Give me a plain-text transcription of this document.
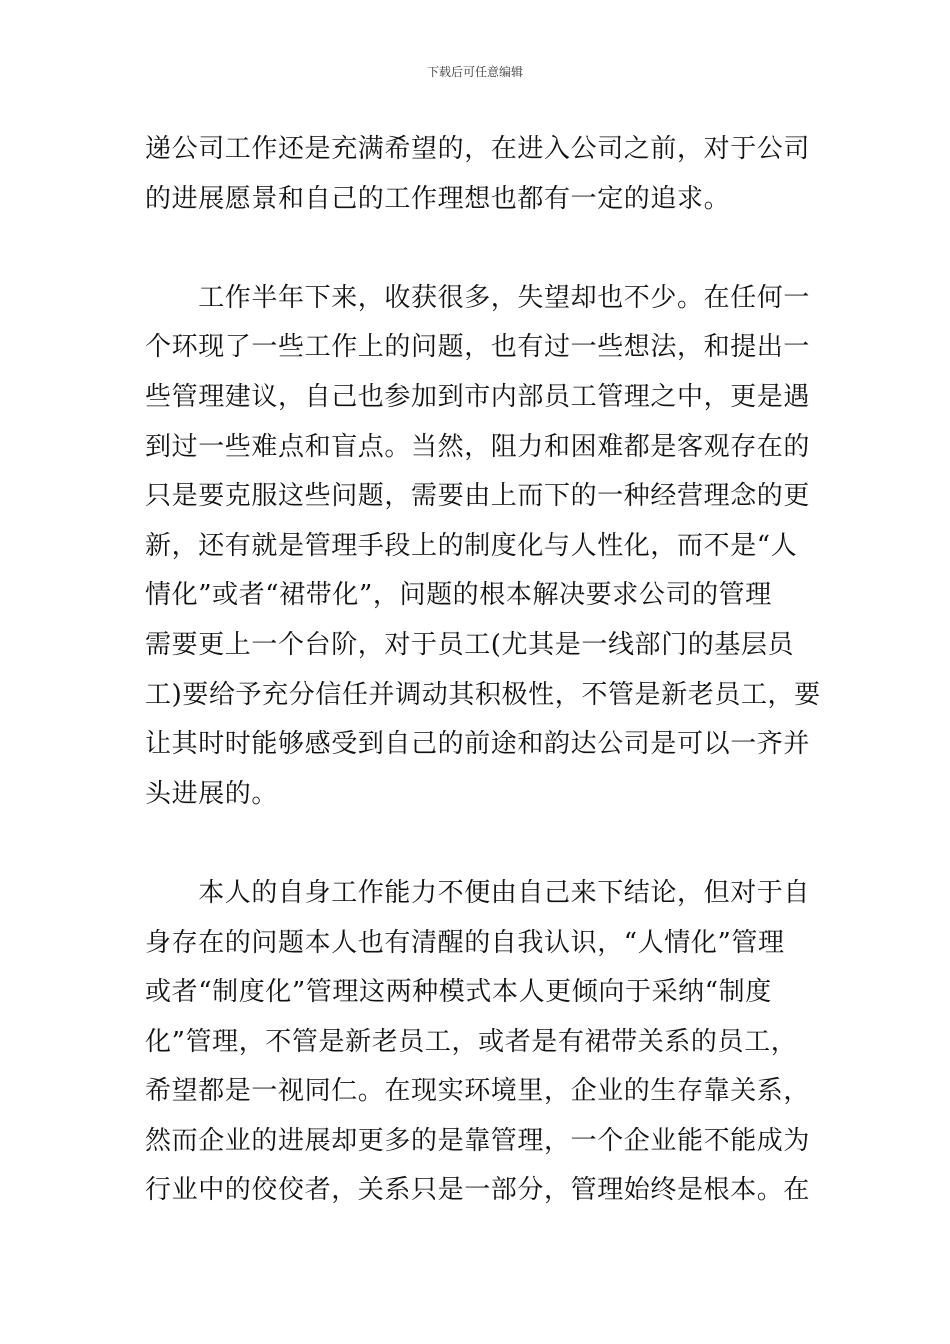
下载后可任意编辑
递公司工作还是充满希望的，在进入公司之前，对于公司
的进展愿景和自己的工作理想也都有一定的追求。
　　工作半年下来，收获很多，失望却也不少。在任何一
个环现了一些工作上的问题，也有过一些想法，和提出一
些管理建议，自己也参加到市内部员工管理之中，更是遇
到过一些难点和盲点。当然，阻力和困难都是客观存在的
只是要克服这些问题，需要由上而下的一种经营理念的更
新，还有就是管理手段上的制度化与人性化，而不是“人
情化”或者“裙带化”，问题的根本解决要求公司的管理
需要更上一个台阶，对于员工(尤其是一线部门的基层员
工)要给予充分信任并调动其积极性，不管是新老员工，要
让其时时能够感受到自己的前途和韵达公司是可以一齐并
头进展的。
　　本人的自身工作能力不便由自己来下结论，但对于自
身存在的问题本人也有清醒的自我认识，“人情化”管理
或者“制度化”管理这两种模式本人更倾向于采纳“制度
化”管理，不管是新老员工，或者是有裙带关系的员工，
希望都是一视同仁。在现实环境里，企业的生存靠关系，
然而企业的进展却更多的是靠管理，一个企业能不能成为
行业中的佼佼者，关系只是一部分，管理始终是根本。在
